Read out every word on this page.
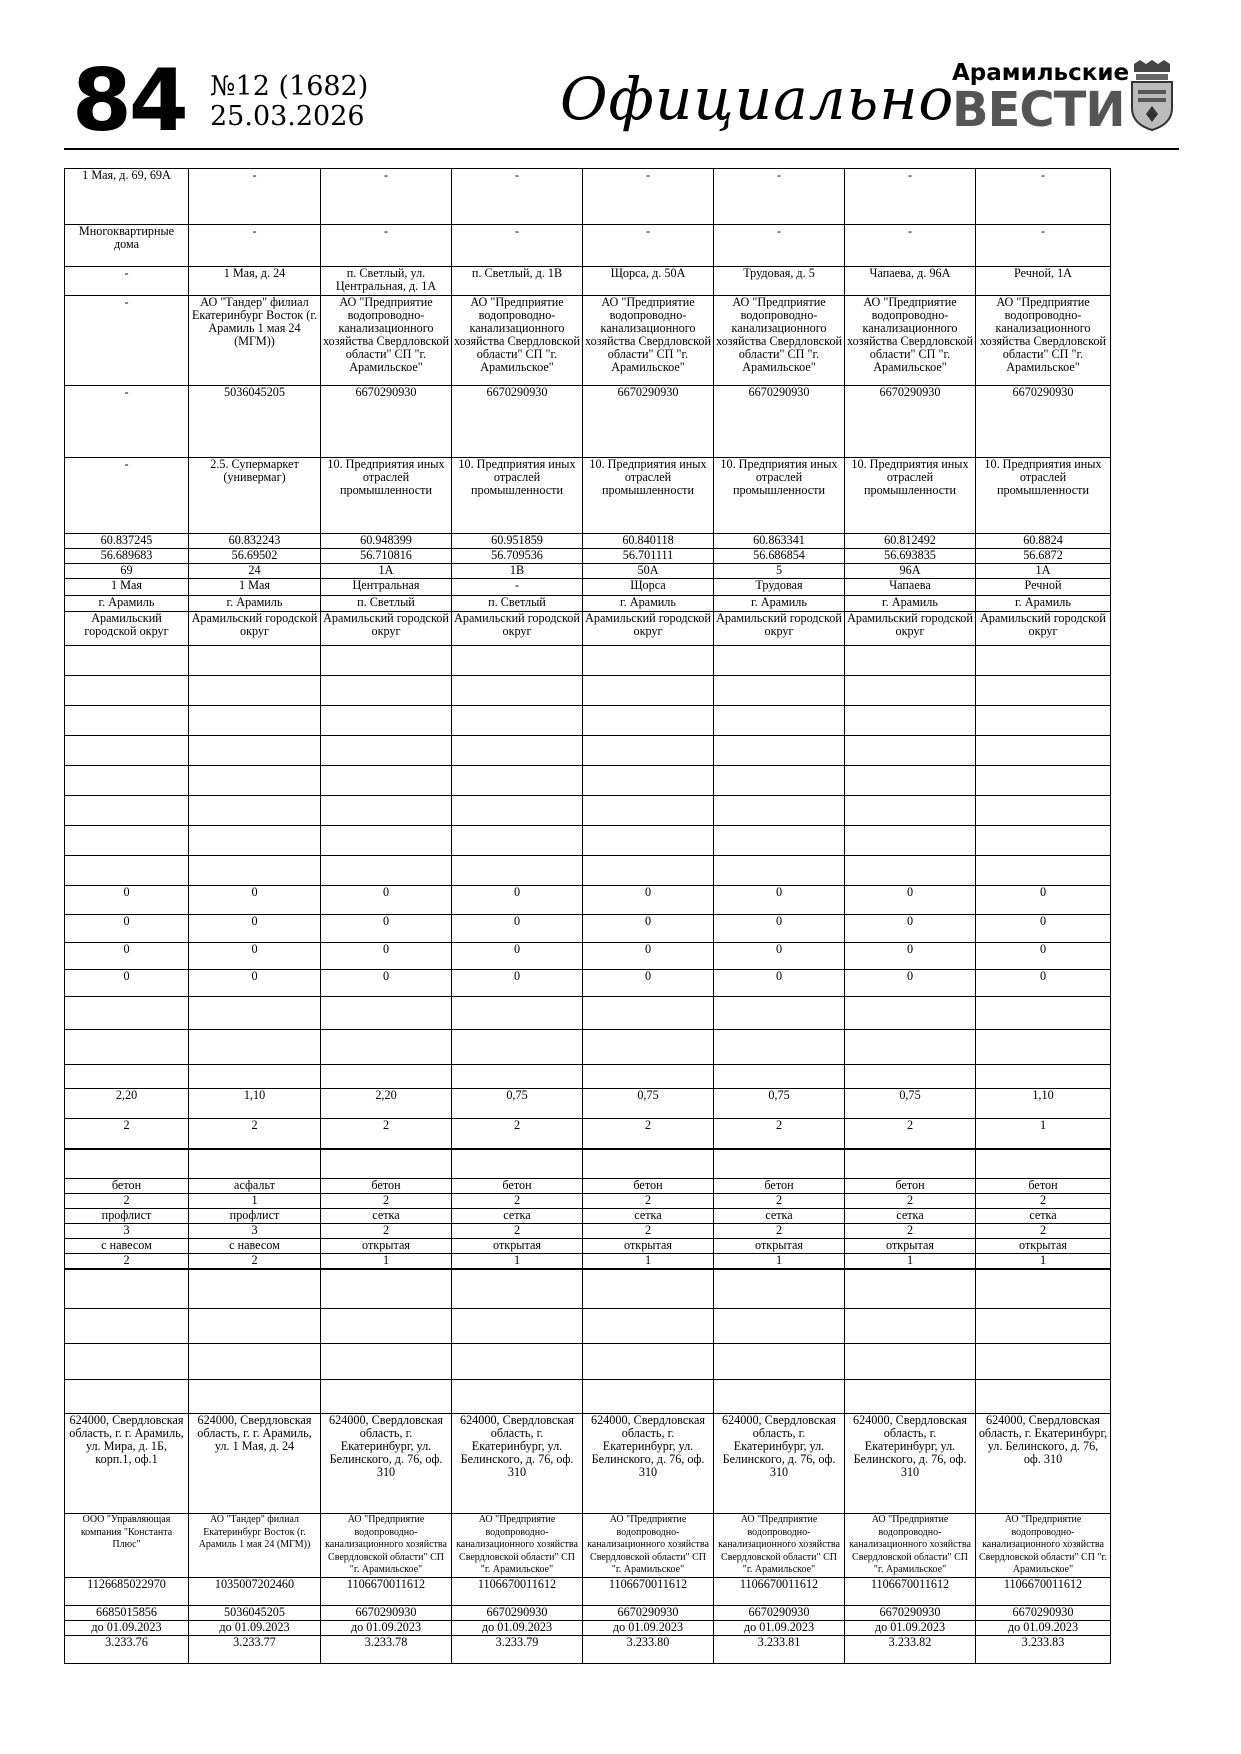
84 №12 (1682)
25.03.2026	Официально
Арамильские
ВЕСТИ
1 Мая, д. 69, 69А	-	-	-	-	-	-	-
Многоквартирные дома	-	-	-	-	-	-	-
-	1 Мая, д. 24	п. Светлый, ул. Центральная, д. 1А	п. Светлый, д. 1В	Щорса, д. 50А	Трудовая, д. 5	Чапаева, д. 96А	Речной, 1А
-	АО "Тандер" филиал Екатеринбург Восток (г. Арамиль 1 мая 24 (МГМ))	АО "Предприятие водопроводно-канализационного хозяйства Свердловской области" СП "г. Арамильское"	АО "Предприятие водопроводно-канализационного хозяйства Свердловской области" СП "г. Арамильское"	АО "Предприятие водопроводно-канализационного хозяйства Свердловской области" СП "г. Арамильское"	АО "Предприятие водопроводно-канализационного хозяйства Свердловской области" СП "г. Арамильское"	АО "Предприятие водопроводно-канализационного хозяйства Свердловской области" СП "г. Арамильское"	АО "Предприятие водопроводно-канализационного хозяйства Свердловской области" СП "г. Арамильское"
-	5036045205	6670290930	6670290930	6670290930	6670290930	6670290930	6670290930
-	2.5. Супермаркет (универмаг)	10. Предприятия иных отраслей промышленности	10. Предприятия иных отраслей промышленности	10. Предприятия иных отраслей промышленности	10. Предприятия иных отраслей промышленности	10. Предприятия иных отраслей промышленности	10. Предприятия иных отраслей промышленности
60.837245	60.832243	60.948399	60.951859	60.840118	60.863341	60.812492	60.8824
56.689683	56.69502	56.710816	56.709536	56.701111	56.686854	56.693835	56.6872
69	24	1А	1В	50А	5	96А	1А
1 Мая	1 Мая	Центральная	-	Щорса	Трудовая	Чапаева	Речной
г. Арамиль	г. Арамиль	п. Светлый	п. Светлый	г. Арамиль	г. Арамиль	г. Арамиль	г. Арамиль
Арамильский городской округ	Арамильский городской округ	Арамильский городской округ	Арамильский городской округ	Арамильский городской округ	Арамильский городской округ	Арамильский городской округ	Арамильский городской округ

0	0	0	0	0	0	0	0
0	0	0	0	0	0	0	0
0	0	0	0	0	0	0	0
0	0	0	0	0	0	0	0

2,20	1,10	2,20	0,75	0,75	0,75	0,75	1,10
2	2	2	2	2	2	2	1

бетон	асфальт	бетон	бетон	бетон	бетон	бетон	бетон
2	1	2	2	2	2	2	2
профлист	профлист	сетка	сетка	сетка	сетка	сетка	сетка
3	3	2	2	2	2	2	2
с навесом	с навесом	открытая	открытая	открытая	открытая	открытая	открытая
2	2	1	1	1	1	1	1

624000, Свердловская область, г. г. Арамиль, ул. Мира, д. 1Б, корп.1, оф.1	624000, Свердловская область, г. г. Арамиль, ул. 1 Мая, д. 24	624000, Свердловская область, г. Екатеринбург, ул. Белинского, д. 76, оф. 310	624000, Свердловская область, г. Екатеринбург, ул. Белинского, д. 76, оф. 310	624000, Свердловская область, г. Екатеринбург, ул. Белинского, д. 76, оф. 310	624000, Свердловская область, г. Екатеринбург, ул. Белинского, д. 76, оф. 310	624000, Свердловская область, г. Екатеринбург, ул. Белинского, д. 76, оф. 310	624000, Свердловская область, г. Екатеринбург, ул. Белинского, д. 76, оф. 310
ООО "Управляющая компания "Константа Плюс"	АО "Тандер" филиал Екатеринбург Восток (г. Арамиль 1 мая 24 (МГМ))	АО "Предприятие водопроводно-канализационного хозяйства Свердловской области" СП "г. Арамильское"	АО "Предприятие водопроводно-канализационного хозяйства Свердловской области" СП "г. Арамильское"	АО "Предприятие водопроводно-канализационного хозяйства Свердловской области" СП "г. Арамильское"	АО "Предприятие водопроводно-канализационного хозяйства Свердловской области" СП "г. Арамильское"	АО "Предприятие водопроводно-канализационного хозяйства Свердловской области" СП "г. Арамильское"	АО "Предприятие водопроводно-канализационного хозяйства Свердловской области" СП "г. Арамильское"
1126685022970	1035007202460	1106670011612	1106670011612	1106670011612	1106670011612	1106670011612	1106670011612
6685015856	5036045205	6670290930	6670290930	6670290930	6670290930	6670290930	6670290930
до 01.09.2023	до 01.09.2023	до 01.09.2023	до 01.09.2023	до 01.09.2023	до 01.09.2023	до 01.09.2023	до 01.09.2023
3.233.76	3.233.77	3.233.78	3.233.79	3.233.80	3.233.81	3.233.82	3.233.83
